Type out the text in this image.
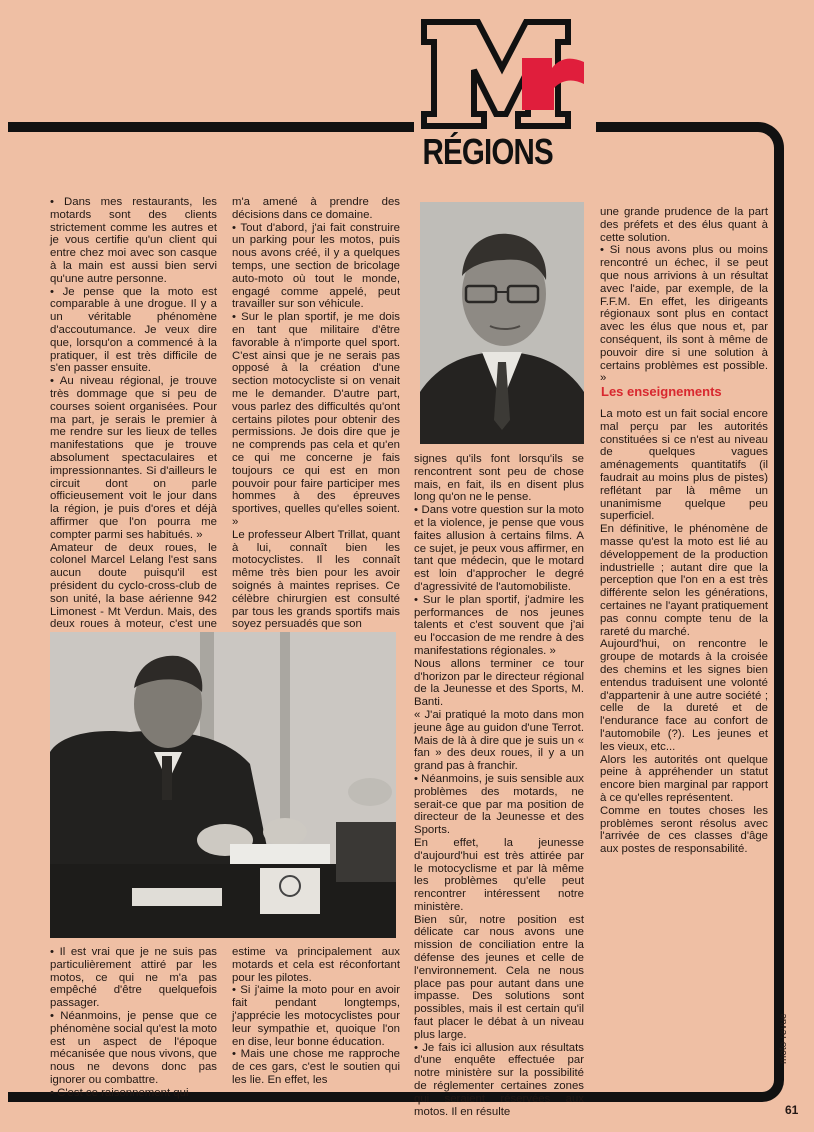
RÉGIONS

• Dans mes restaurants, les motards sont des clients strictement comme les autres et je vous certifie qu'un client qui entre chez moi avec son casque à la main est aussi bien servi qu'une autre personne.

• Je pense que la moto est comparable à une drogue. Il y a un véritable phénomène d'accoutumance. Je veux dire que, lorsqu'on a commencé à la pratiquer, il est très difficile de s'en passer ensuite.

• Au niveau régional, je trouve très dommage que si peu de courses soient organisées. Pour ma part, je serais le premier à me rendre sur les lieux de telles manifestations que je trouve absolument spectaculaires et impressionnantes. Si d'ailleurs le circuit dont on parle officieusement voit le jour dans la région, je puis d'ores et déjà affirmer que l'on pourra me compter parmi ses habitués. »

Amateur de deux roues, le colonel Marcel Lelang l'est sans aucun doute puisqu'il est président du cyclo-cross-club de son unité, la base aérienne 942 Limonest - Mt Verdun. Mais, des deux roues à moteur, c'est une

m'a amené à prendre des décisions dans ce domaine.

• Tout d'abord, j'ai fait construire un parking pour les motos, puis nous avons créé, il y a quelques temps, une section de bricolage auto-moto où tout le monde, engagé comme appelé, peut travailler sur son véhicule.

• Sur le plan sportif, je me dois en tant que militaire d'être favorable à n'importe quel sport. C'est ainsi que je ne serais pas opposé à la création d'une section motocycliste si on venait me le demander. D'autre part, vous parlez des difficultés qu'ont certains pilotes pour obtenir des permissions. Je dois dire que je ne comprends pas cela et qu'en ce qui me concerne je fais toujours ce qui est en mon pouvoir pour faire participer mes hommes à des épreuves sportives, quelles qu'elles soient. »

Le professeur Albert Trillat, quant à lui, connaît bien les motocyclistes. Il les connaît même très bien pour les avoir soignés à maintes reprises. Ce célèbre chirurgien est consulté par tous les grands sportifs mais soyez persuadés que son

signes qu'ils font lorsqu'ils se rencontrent sont peu de chose mais, en fait, ils en disent plus long qu'on ne le pense.

• Dans votre question sur la moto et la violence, je pense que vous faites allusion à certains films. A ce sujet, je peux vous affirmer, en tant que médecin, que le motard est loin d'approcher le degré d'agressivité de l'automobiliste.

• Sur le plan sportif, j'admire les performances de nos jeunes talents et c'est souvent que j'ai eu l'occasion de me rendre à des manifestations régionales. »

Nous allons terminer ce tour d'horizon par le directeur régional de la Jeunesse et des Sports, M. Banti.

« J'ai pratiqué la moto dans mon jeune âge au guidon d'une Terrot. Mais de là à dire que je suis un « fan » des deux roues, il y a un grand pas à franchir.

• Néanmoins, je suis sensible aux problèmes des motards, ne serait-ce que par ma position de directeur de la Jeunesse et des Sports.

En effet, la jeunesse d'aujourd'hui est très attirée par le motocyclisme et par là même les problèmes qu'elle peut rencontrer intéressent notre ministère.

Bien sûr, notre position est délicate car nous avons une mission de conciliation entre la défense des jeunes et celle de l'environnement. Cela ne nous place pas pour autant dans une impasse. Des solutions sont possibles, mais il est certain qu'il faut placer le débat à un niveau plus large.

• Je fais ici allusion aux résultats d'une enquête effectuée par notre ministère sur la possibilité de réglementer certaines zones qui seraient réservées aux motos. Il en résulte

une grande prudence de la part des préfets et des élus quant à cette solution.

• Si nous avons plus ou moins rencontré un échec, il se peut que nous arrivions à un résultat avec l'aide, par exemple, de la F.F.M. En effet, les dirigeants régionaux sont plus en contact avec les élus que nous et, par conséquent, ils sont à même de pouvoir dire si une solution à certains problèmes est possible. »

Les enseignements

La moto est un fait social encore mal perçu par les autorités constituées si ce n'est au niveau de quelques vagues aménagements quantitatifs (il faudrait au moins plus de pistes) reflétant par là même un unanimisme quelque peu superficiel.

En définitive, le phénomène de masse qu'est la moto est lié au développement de la production industrielle ; autant dire que la perception que l'on en a est très différente selon les générations, certaines ne l'ayant pratiquement pas connu compte tenu de la rareté du marché.

Aujourd'hui, on rencontre le groupe de motards à la croisée des chemins et les signes bien entendus traduisent une volonté d'appartenir à une autre société ; celle de la dureté et de l'endurance face au confort de l'automobile (?). Les jeunes et les vieux, etc...

Alors les autorités ont quelque peine à appréhender un statut encore bien marginal par rapport à ce qu'elles représentent.

Comme en toutes choses les problèmes seront résolus avec l'arrivée de ces classes d'âge aux postes de responsabilité.

• Il est vrai que je ne suis pas particulièrement attiré par les motos, ce qui ne m'a pas empêché d'être quelquefois passager.

• Néanmoins, je pense que ce phénomène social qu'est la moto est un aspect de l'époque mécanisée que nous vivons, que nous ne devons donc pas ignorer ou combattre.

• C'est ce raisonnement qui

estime va principalement aux motards et cela est réconfortant pour les pilotes.

• Si j'aime la moto pour en avoir fait pendant longtemps, j'apprécie les motocyclistes pour leur sympathie et, quoique l'on en dise, leur bonne éducation.

• Mais une chose me rapproche de ces gars, c'est le soutien qui les lie. En effet, les

moto-revue
61
